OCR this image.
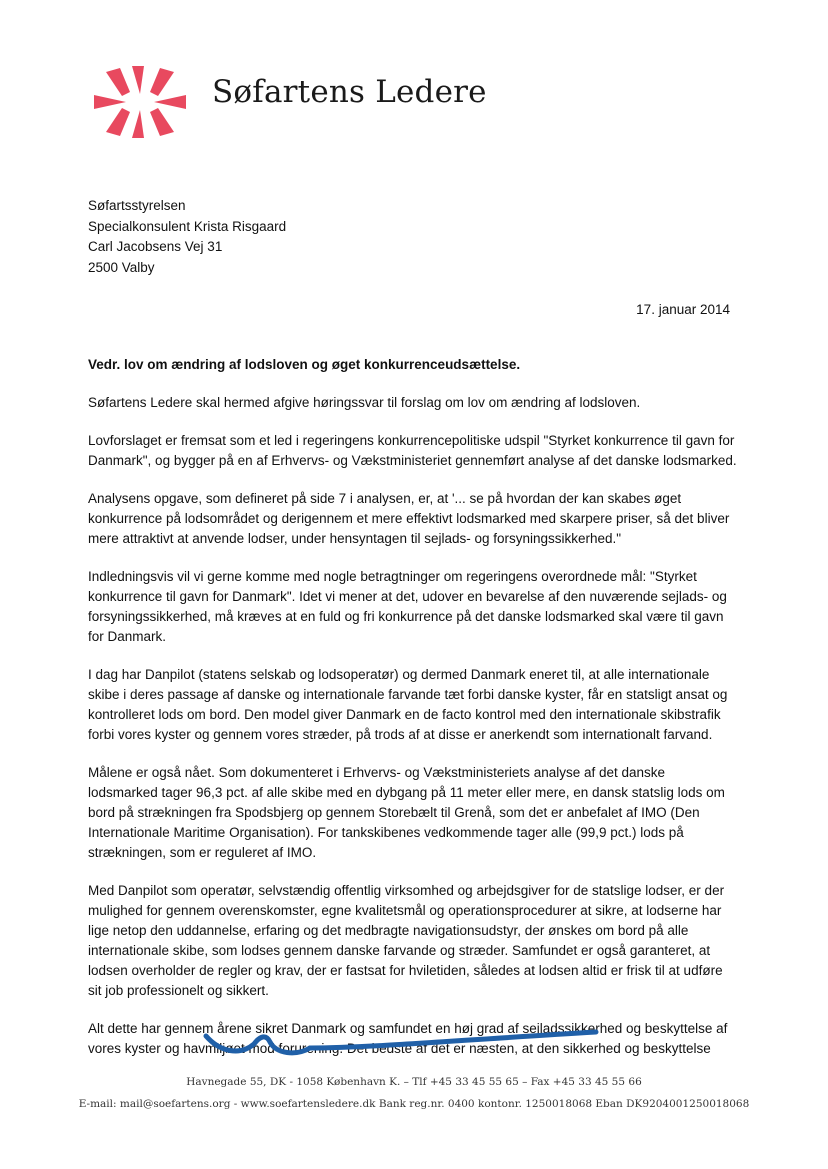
Søfartens Ledere
Søfartsstyrelsen
Specialkonsulent Krista Risgaard
Carl Jacobsens Vej 31
2500 Valby
17. januar 2014
Vedr. lov om ændring af lodsloven og øget konkurrenceudsættelse.

Søfartens Ledere skal hermed afgive høringssvar til forslag om lov om ændring af lodsloven.

Lovforslaget er fremsat som et led i regeringens konkurrencepolitiske udspil "Styrket konkurrence til gavn for Danmark", og bygger på en af Erhvervs- og Vækstministeriet gennemført analyse af det danske lodsmarked.

Analysens opgave, som defineret på side 7 i analysen, er, at '... se på hvordan der kan skabes øget konkurrence på lodsområdet og derigennem et mere effektivt lodsmarked med skarpere priser, så det bliver mere attraktivt at anvende lodser, under hensyntagen til sejlads- og forsyningssikkerhed."

Indledningsvis vil vi gerne komme med nogle betragtninger om regeringens overordnede mål: "Styrket konkurrence til gavn for Danmark". Idet vi mener at det, udover en bevarelse af den nuværende sejlads- og forsyningssikkerhed, må kræves at en fuld og fri konkurrence på det danske lodsmarked skal være til gavn for Danmark.

I dag har Danpilot (statens selskab og lodsoperatør) og dermed Danmark eneret til, at alle internationale skibe i deres passage af danske og internationale farvande tæt forbi danske kyster, får en statsligt ansat og kontrolleret lods om bord. Den model giver Danmark en de facto kontrol med den internationale skibstrafik forbi vores kyster og gennem vores stræder, på trods af at disse er anerkendt som internationalt farvand.

Målene er også nået. Som dokumenteret i Erhvervs- og Vækstministeriets analyse af det danske lodsmarked tager 96,3 pct. af alle skibe med en dybgang på 11 meter eller mere, en dansk statslig lods om bord på strækningen fra Spodsbjerg op gennem Storebælt til Grenå, som det er anbefalet af IMO (Den Internationale Maritime Organisation). For tankskibenes vedkommende tager alle (99,9 pct.) lods på strækningen, som er reguleret af IMO.

Med Danpilot som operatør, selvstændig offentlig virksomhed og arbejdsgiver for de statslige lodser, er der mulighed for gennem overenskomster, egne kvalitetsmål og operationsprocedurer at sikre, at lodserne har lige netop den uddannelse, erfaring og det medbragte navigationsudstyr, der ønskes om bord på alle internationale skibe, som lodses gennem danske farvande og stræder. Samfundet er også garanteret, at lodsen overholder de regler og krav, der er fastsat for hviletiden, således at lodsen altid er frisk til at udføre sit job professionelt og sikkert.

Alt dette har gennem årene sikret Danmark og samfundet en høj grad af sejladssikkerhed og beskyttelse af vores kyster og havmiljøet mod forurening. Det bedste af det er næsten, at den sikkerhed og beskyttelse

Havnegade 55, DK - 1058 København K. – Tlf +45 33 45 55 65 – Fax +45 33 45 55 66
E-mail: mail@soefartens.org - www.soefartensledere.dk Bank reg.nr. 0400 kontonr. 1250018068 Eban DK9204001250018068
